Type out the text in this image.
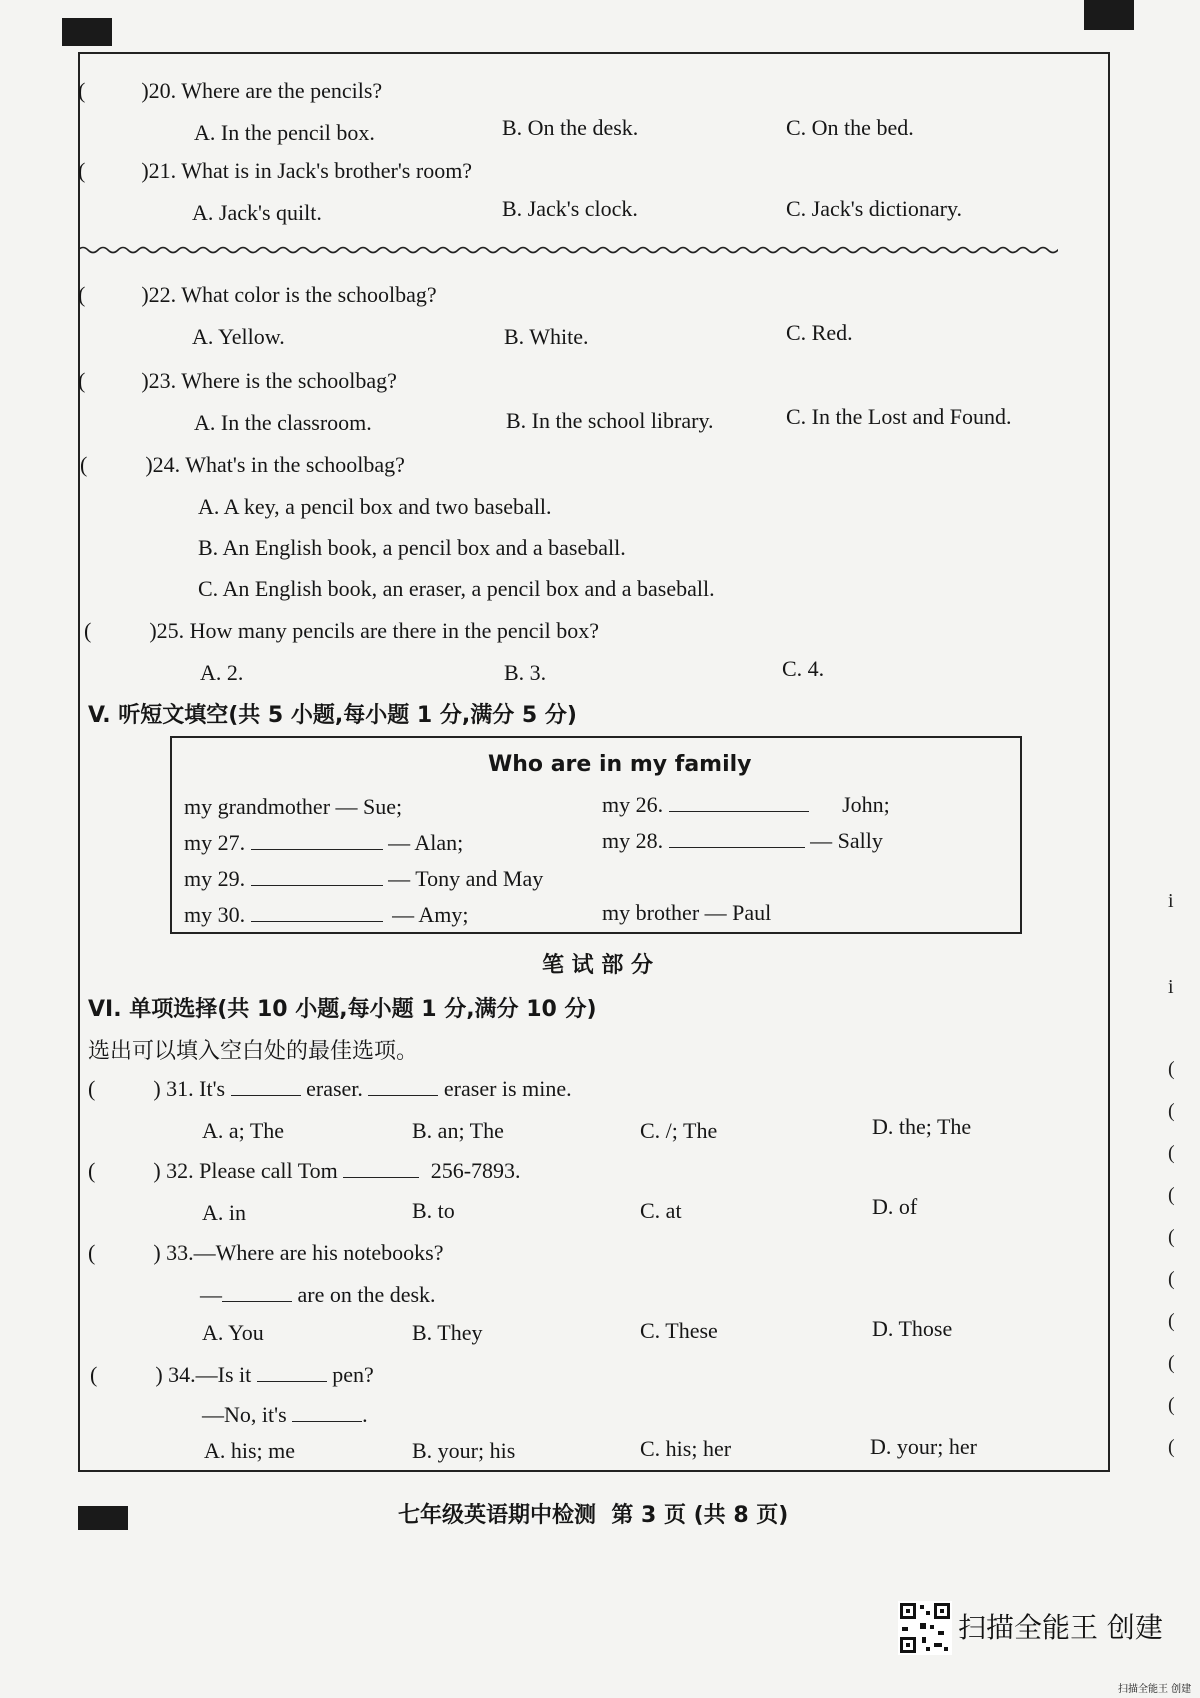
(	)20. Where are the pencils?
A. In the pencil box.	B. On the desk.	C. On the bed.
(	)21. What is in Jack's brother's room?
A. Jack's quilt.	B. Jack's clock.	C. Jack's dictionary.
(	)22. What color is the schoolbag?
A. Yellow.	B. White.	C. Red.
(	)23. Where is the schoolbag?
A. In the classroom.	B. In the school library.	C. In the Lost and Found.
(	)24. What's in the schoolbag?
A. A key, a pencil box and two baseball.
B. An English book, a pencil box and a baseball.
C. An English book, an eraser, a pencil box and a baseball.
(	)25. How many pencils are there in the pencil box?
A. 2.	B. 3.	C. 4.
V. 听短文填空(共 5 小题,每小题 1 分,满分 5 分)
Who are in my family
my grandmother — Sue;	my 26.	John;
my 27.	— Alan;	my 28.	— Sally
my 29.	— Tony and May
my 30.	— Amy;	my brother — Paul
笔 试 部 分
VI. 单项选择(共 10 小题,每小题 1 分,满分 10 分)
选出可以填入空白处的最佳选项。
(	) 31. It's	eraser.	eraser is mine.
A. a; The	B. an; The	C. /; The	D. the; The
(	) 32. Please call Tom	256-7893.
A. in	B. to	C. at	D. of
(	) 33.—Where are his notebooks?
—	are on the desk.
A. You	B. They	C. These	D. Those
(	) 34.—Is it	pen?
—No, it's	.
A. his; me	B. your; his	C. his; her	D. your; her
i
i
(
(
(
(
(
(
(
(
(
(
七年级英语期中检测  第 3 页 (共 8 页)
扫描全能王 创建
扫描全能王 创建
